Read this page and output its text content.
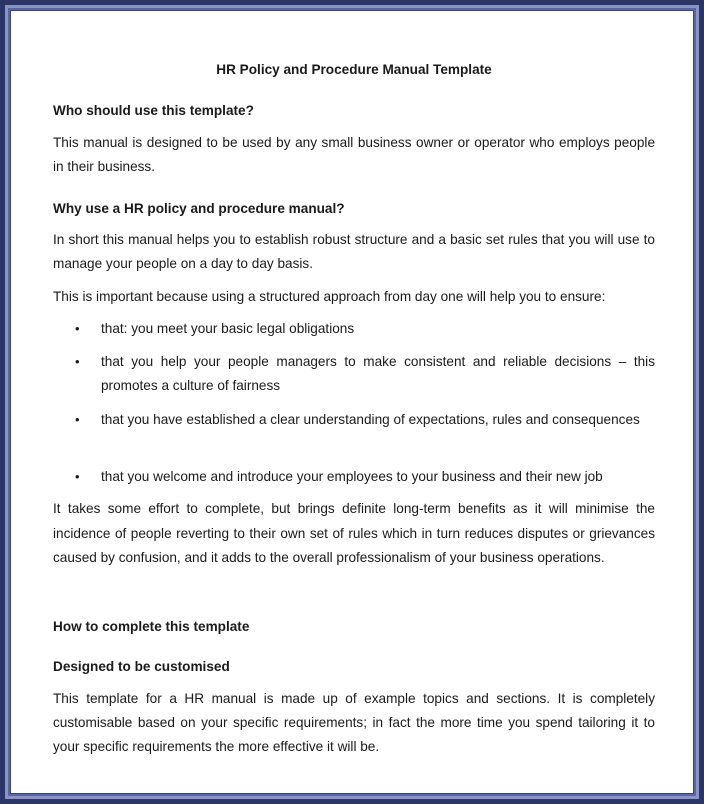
HR Policy and Procedure Manual Template
Who should use this template?
This manual is designed to be used by any small business owner or operator who employs people in their business.
Why use a HR policy and procedure manual?
In short this manual helps you to establish robust structure and a basic set rules that you will use to manage your people on a day to day basis.
This is important because using a structured approach from day one will help you to ensure:
• that: you meet your basic legal obligations
• that you help your people managers to make consistent and reliable decisions – this promotes a culture of fairness
• that you have established a clear understanding of expectations, rules and consequences
• that you welcome and introduce your employees to your business and their new job
It takes some effort to complete, but brings definite long-term benefits as it will minimise the incidence of people reverting to their own set of rules which in turn reduces disputes or grievances caused by confusion, and it adds to the overall professionalism of your business operations.
How to complete this template
Designed to be customised
This template for a HR manual is made up of example topics and sections. It is completely customisable based on your specific requirements; in fact the more time you spend tailoring it to your specific requirements the more effective it will be.
